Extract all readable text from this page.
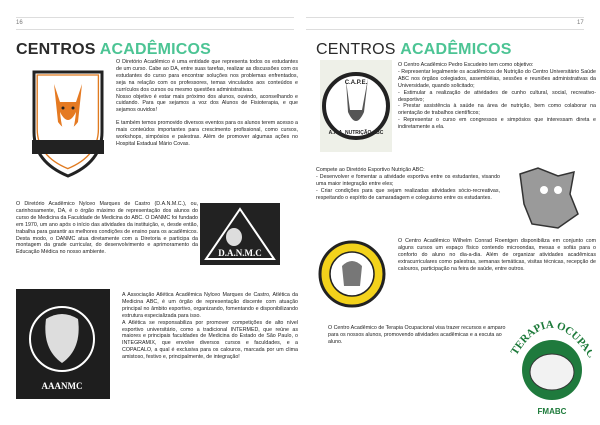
16
CENTROS ACADÊMICOS

O Diretório Acadêmico é uma entidade que representa todos os estudantes de um curso. Cabe ao DA, entre suas tarefas, realizar as discussões com os estudantes do curso para encontrar soluções nos problemas enfrentados, seja na relação com os professores, temas vinculados aos conteúdos e currículos dos cursos ou mesmo questões administrativas.

Nosso objetivo é estar mais próximo dos alunos, ouvindo, aconselhando e cuidando. Para que sejamos a voz dos Alunos de Fisioterapia, e que sejamos ouvidos!

E também temos promovido diversos eventos para os alunos terem acesso a mais conteúdos importantes para crescimento profissional, como cursos, workshops, simpósios e palestras. Além de promover algumas ações no Hospital Estadual Mário Covas.

O Diretório Acadêmico Nylceo Marques de Castro (D.A.N.M.C.), ou, carinhosamente, DA, é o órgão máximo de representação dos alunos do curso de Medicina da Faculdade de Medicina do ABC. O DANMC foi fundado em 1970, um ano após o início das atividades da instituição, e, desde então, trabalha para garantir as melhores condições de ensino para os acadêmicos. Desta modo, o DANMC atua diretamente com a Diretoria e participa da montagem da grade curricular, do desenvolvimento e aprimoramento da Educação Médica no nosso ambiente.	D.A.N.M.C
AAANMC

A Associação Atlética Acadêmica Nylceo Marques de Castro, Atlética da Medicina ABC, é um órgão de representação discente com atuação principal no âmbito esportivo, organizando, fomentando e disponibilizando estrutura especializada para isso.

A Atlética se responsabiliza por promover competições de alto nível esportivo universitário, como a tradicional INTERMED, que reúne as maiores e principais faculdades de Medicina do Estado de São Paulo, o INTEGRAMIX, que envolve diversos cursos e faculdades, e a COPACALO, a qual é exclusiva para os calouros, marcada por um clima amistoso, festivo e, principalmente, de integração!

17
CENTROS ACADÊMICOS
C.A.P.E.
A.A.A. NUTRIÇÃO ABC

O Centro Acadêmico Pedro Escudeiro tem como objetivo:

- Representar legalmente os acadêmicos de Nutrição do Centro Universitário Saúde ABC nos órgãos colegiados, assembléias, sessões e reuniões administrativas da Universidade, quando solicitado;

- Estimular a realização de atividades de cunho cultural, social, recreativo-desportivo;

- Prestar assistência à saúde na área de nutrição, bem como colaborar na orientação de trabalhos científicos;

- Representar o curso em congressos e simpósios que interessam direta e indiretamente a ela.

Compete ao Diretório Esportivo Nutrição ABC:

- Desenvolver e fomentar a atividade esportiva entre os estudantes, visando uma maior integração entre eles;

- Criar condições para que sejam realizadas atividades sócio-recreativas, respeitando o espírito de camaradagem e coleguismo entre os estudantes.

O Centro Acadêmico Wilhelm Conrad Roentgen disponibiliza em conjunto com alguns cursos um espaço físico contendo microondas, mesas e sofás para o conforto do aluno no dia-a-dia. Além de organizar atividades acadêmicas extracurriculares como palestras, semanas temáticas, visitas técnicas, recepção de calouros, participação na feira de saúde, entre outros.

O Centro Acadêmico de Terapia Ocupacional visa trazer recursos e amparo para os nossos alunos, promovendo atividades acadêmicas e a escuta ao aluno.

TERAPIA OCUPA
FMABC
